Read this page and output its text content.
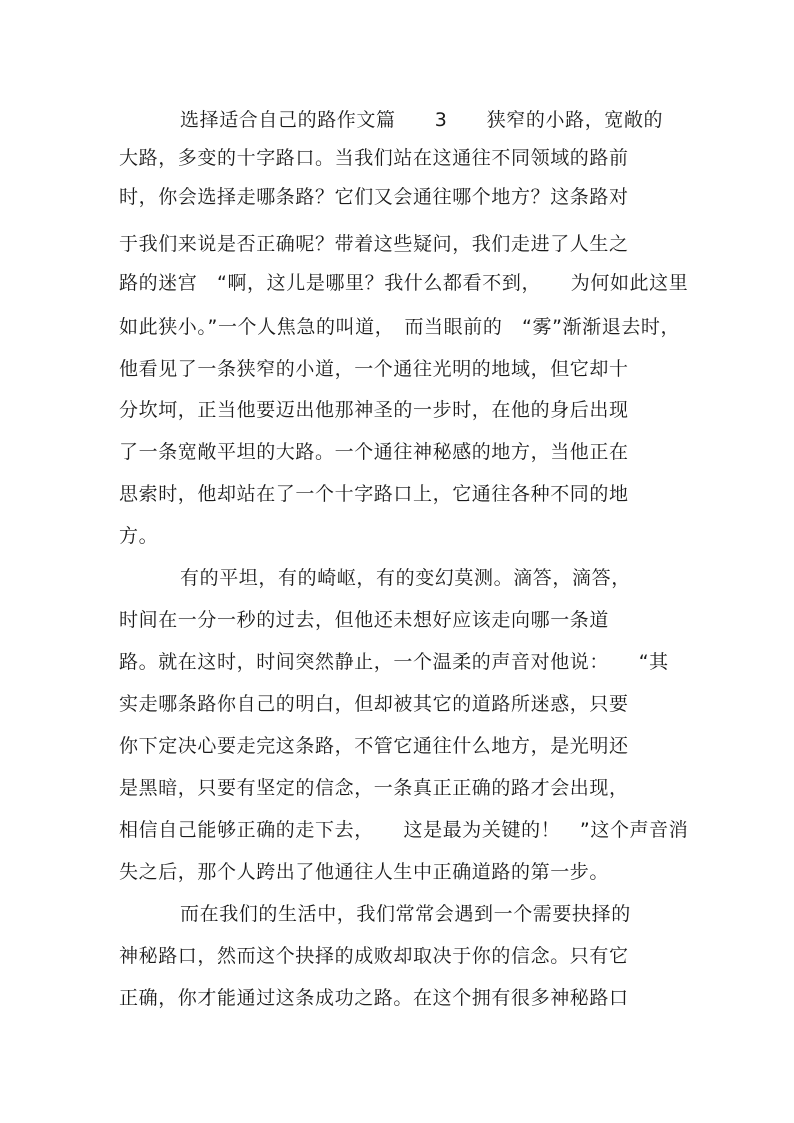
选择适合自己的路作文篇　　3　　狭窄的小路，宽敞的
大路，多变的十字路口。当我们站在这通往不同领域的路前
时，你会选择走哪条路？它们又会通往哪个地方？这条路对
于我们来说是否正确呢？带着这些疑问，我们走进了人生之
路的迷宫　“啊，这儿是哪里？我什么都看不到，　　为何如此这里
如此狭小。”一个人焦急的叫道，　而当眼前的　“雾”渐渐退去时，
他看见了一条狭窄的小道，一个通往光明的地域，但它却十
分坎坷，正当他要迈出他那神圣的一步时，在他的身后出现
了一条宽敞平坦的大路。一个通往神秘感的地方，当他正在
思索时，他却站在了一个十字路口上，它通往各种不同的地
方。
有的平坦，有的崎岖，有的变幻莫测。滴答，滴答，
时间在一分一秒的过去，但他还未想好应该走向哪一条道
路。就在这时，时间突然静止，一个温柔的声音对他说：　　“其
实走哪条路你自己的明白，但却被其它的道路所迷惑，只要
你下定决心要走完这条路，不管它通往什么地方，是光明还
是黑暗，只要有坚定的信念，一条真正正确的路才会出现，
相信自己能够正确的走下去，　　这是最为关键的！　”这个声音消
失之后，那个人跨出了他通往人生中正确道路的第一步。
而在我们的生活中，我们常常会遇到一个需要抉择的
神秘路口，然而这个抉择的成败却取决于你的信念。只有它
正确，你才能通过这条成功之路。在这个拥有很多神秘路口
